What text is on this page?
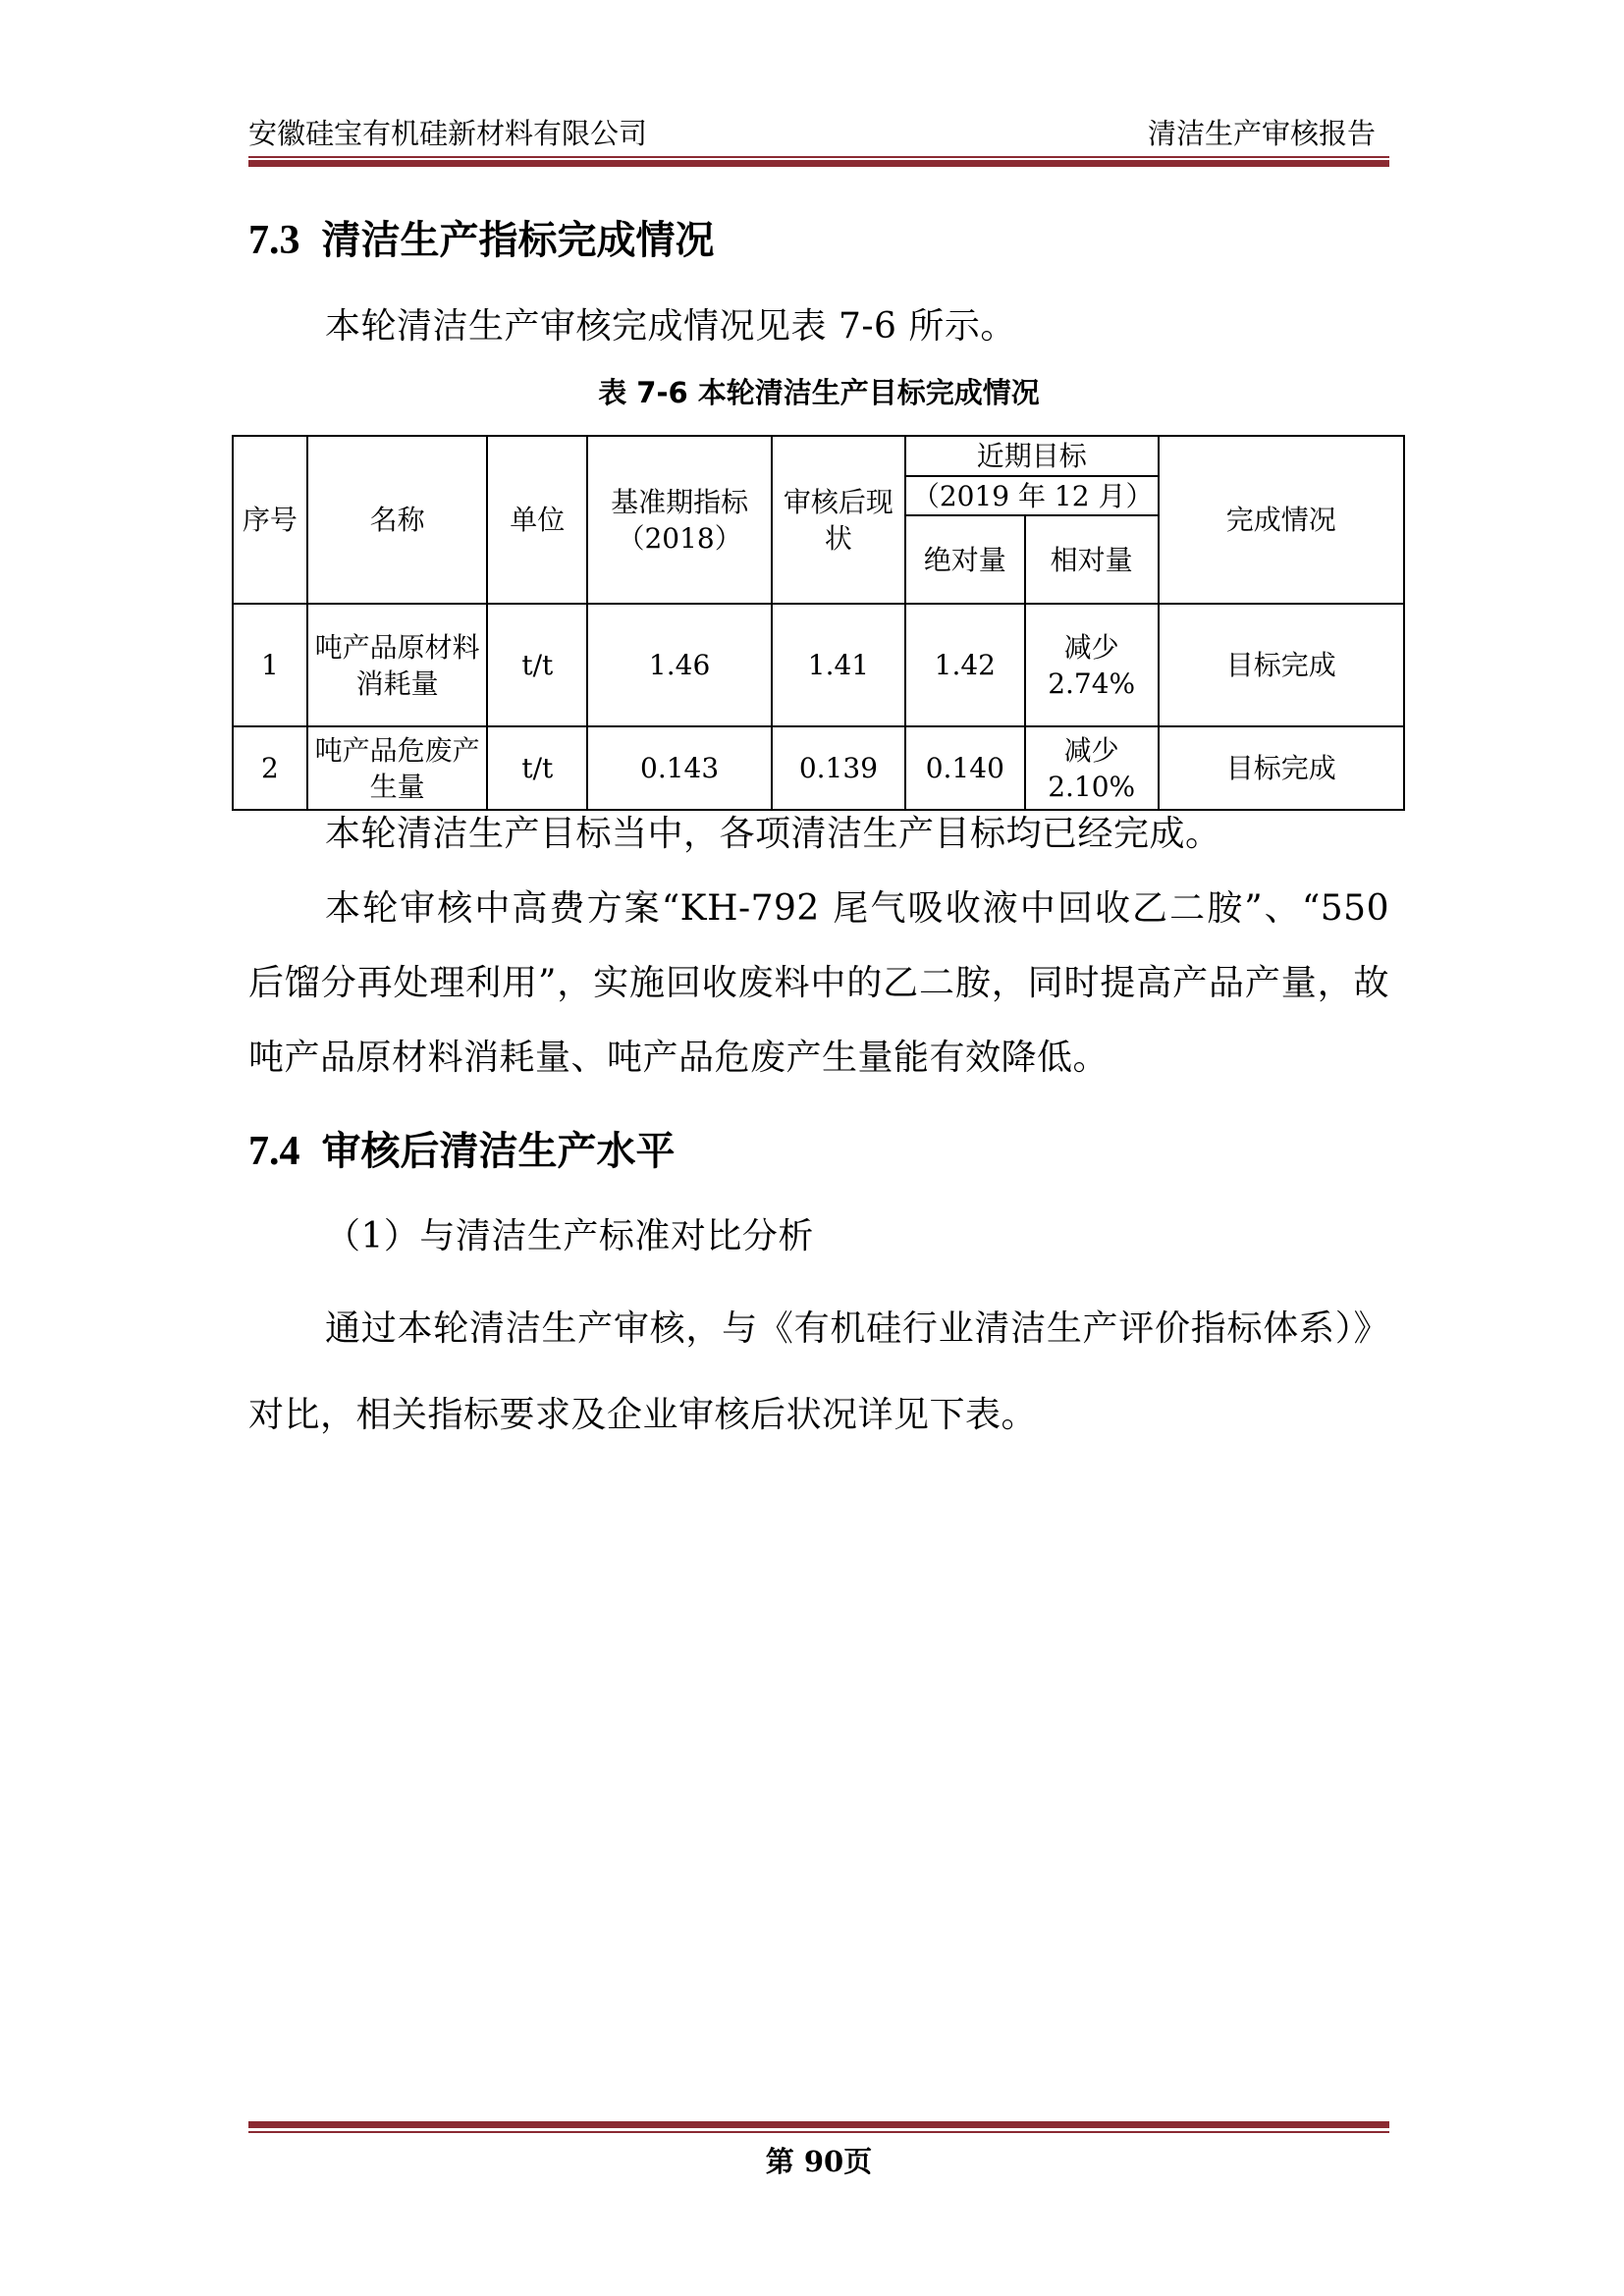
安徽硅宝有机硅新材料有限公司	清洁生产审核报告
7.3 清洁生产指标完成情况
本轮清洁生产审核完成情况见表 7-6 所示。
表 7-6 本轮清洁生产目标完成情况
序号	名称	单位	基准期指标（2018）	审核后现状	近期目标		完成情况
					（2019 年 12 月）		
					绝对量	相对量	
1	吨产品原材料消耗量	t/t	1.46	1.41	1.42	减少2.74%	目标完成
2	吨产品危废产生量	t/t	0.143	0.139	0.140	减少2.10%	目标完成
本轮清洁生产目标当中，各项清洁生产目标均已经完成。
本轮审核中高费方案“KH-792 尾气吸收液中回收乙二胺”、“550后馏分再处理利用”，实施回收废料中的乙二胺，同时提高产品产量，故吨产品原材料消耗量、吨产品危废产生量能有效降低。
7.4 审核后清洁生产水平
（1）与清洁生产标准对比分析
通过本轮清洁生产审核，与《有机硅行业清洁生产评价指标体系）》对比，相关指标要求及企业审核后状况详见下表。
第 90页
